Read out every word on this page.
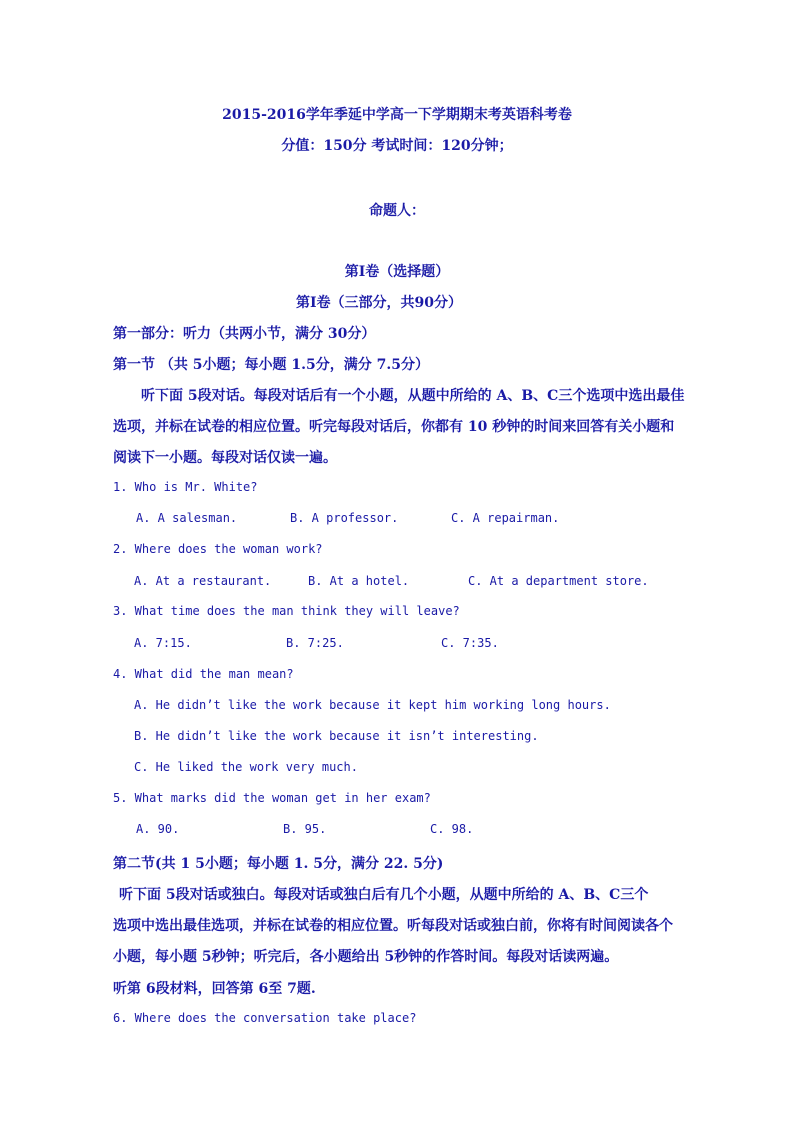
2015-2016学年季延中学高一下学期期末考英语科考卷
分值：150分 考试时间：120分钟；
命题人：
第I卷（选择题）
第I卷（三部分，共90分）
第一部分：听力（共两小节，满分 30分）
第一节 （共 5小题；每小题 1.5分，满分 7.5分）
听下面 5段对话。每段对话后有一个小题，从题中所给的 A、B、C三个选项中选出最佳
选项，并标在试卷的相应位置。听完每段对话后，你都有 10 秒钟的时间来回答有关小题和
阅读下一小题。每段对话仅读一遍。
1. Who is Mr. White?
A. A salesman.	B. A professor.	C. A repairman.
2. Where does the woman work?
A. At a restaurant.	B. At a hotel.	C. At a department store.
3. What time does the man think they will leave?
A. 7:15.	B. 7:25.	C. 7:35.
4. What did the man mean?
A. He didn’t like the work because it kept him working long hours.
B. He didn’t like the work because it isn’t interesting.
C. He liked the work very much.
5. What marks did the woman get in her exam?
A. 90.	B. 95.	C. 98.
第二节(共 1 5小题；每小题 1. 5分，满分 22. 5分)
听下面 5段对话或独白。每段对话或独白后有几个小题，从题中所给的 A、B、C三个
选项中选出最佳选项，并标在试卷的相应位置。听每段对话或独白前，你将有时间阅读各个
小题，每小题 5秒钟；听完后，各小题给出 5秒钟的作答时间。每段对话读两遍。
听第 6段材料，回答第 6至 7题.
6. Where does the conversation take place?
